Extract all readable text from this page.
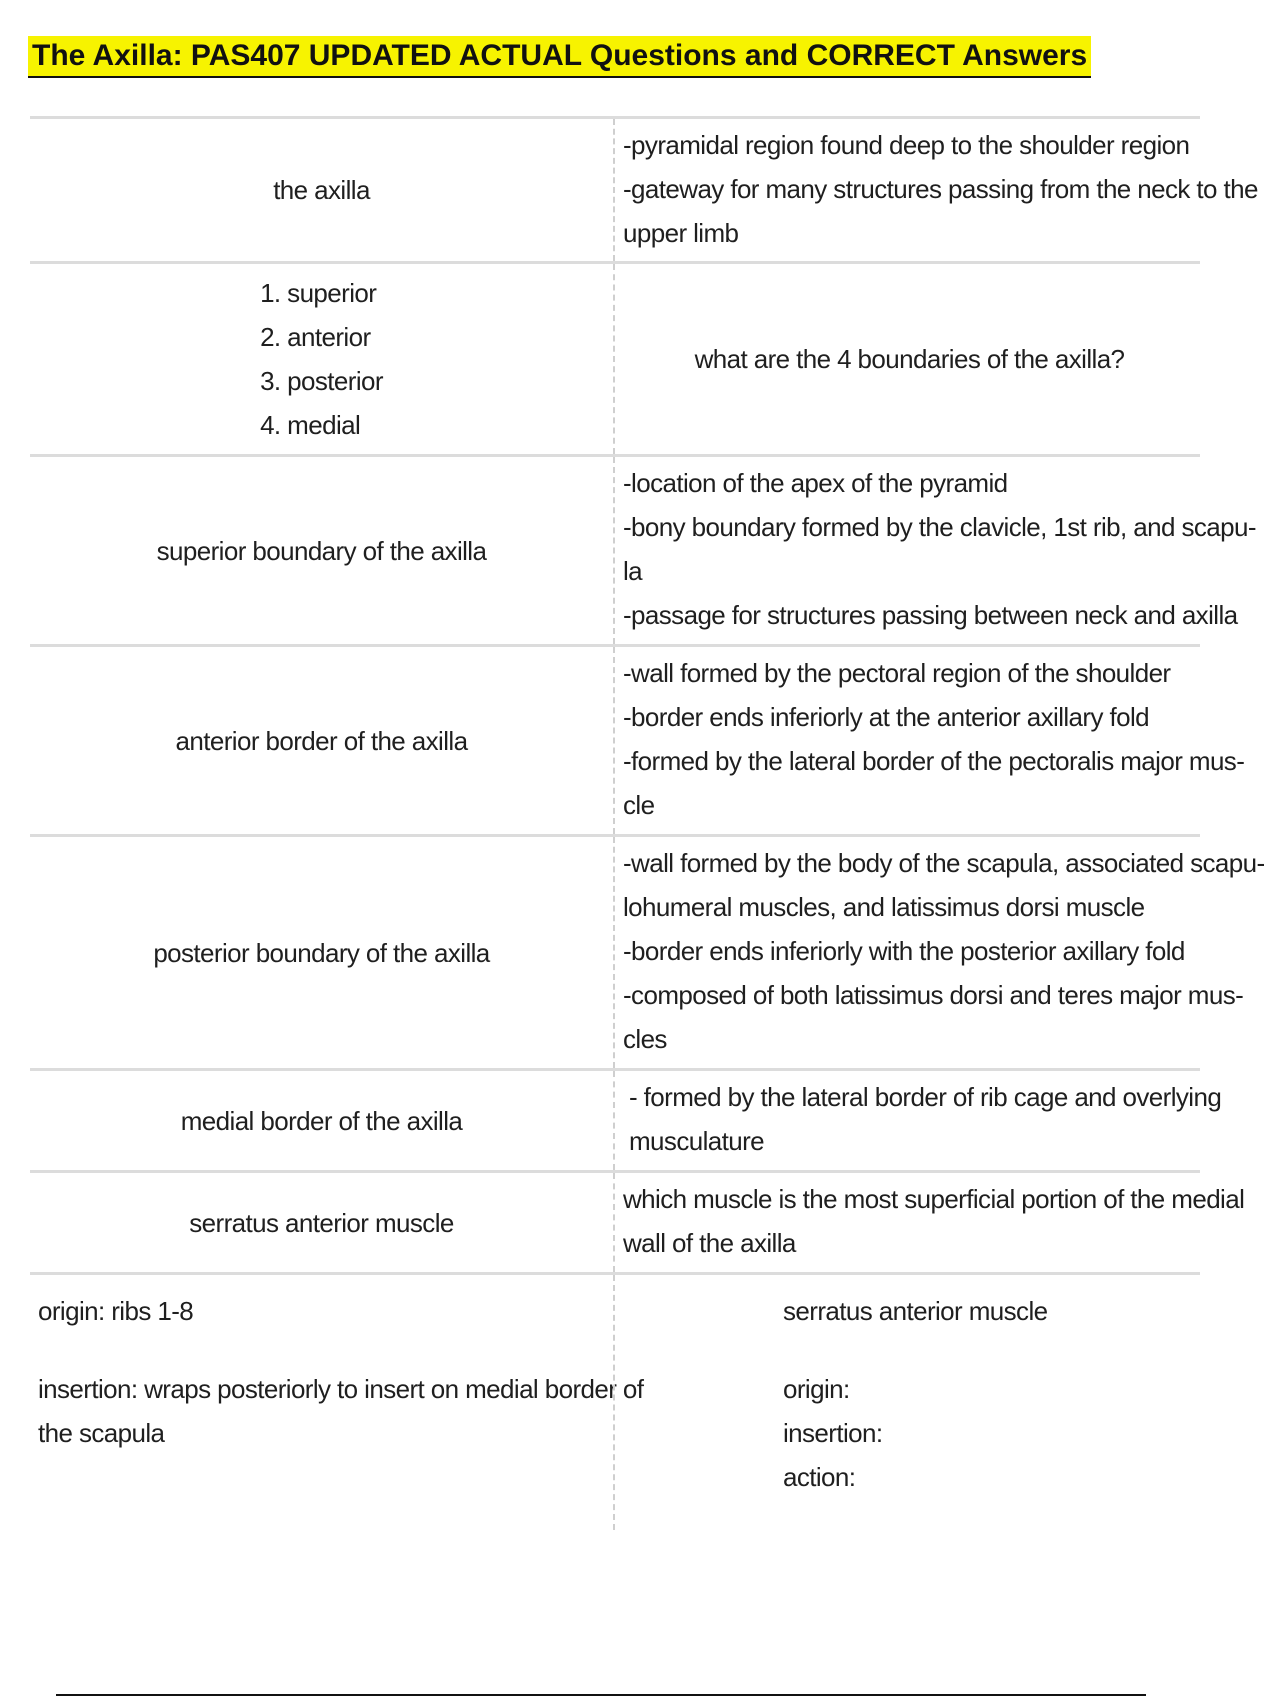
The Axilla: PAS407 UPDATED ACTUAL Questions and CORRECT Answers
the axilla
-pyramidal region found deep to the shoulder region
-gateway for many structures passing from the neck to the
upper limb
1. superior
2. anterior
3. posterior
4. medial
what are the 4 boundaries of the axilla?
superior boundary of the axilla
-location of the apex of the pyramid
-bony boundary formed by the clavicle, 1st rib, and scapu-
la
-passage for structures passing between neck and axilla
anterior border of the axilla
-wall formed by the pectoral region of the shoulder
-border ends inferiorly at the anterior axillary fold
-formed by the lateral border of the pectoralis major mus-
cle
posterior boundary of the axilla
-wall formed by the body of the scapula, associated scapu-
lohumeral muscles, and latissimus dorsi muscle
-border ends inferiorly with the posterior axillary fold
-composed of both latissimus dorsi and teres major mus-
cles
medial border of the axilla
- formed by the lateral border of rib cage and overlying
musculature
serratus anterior muscle
which muscle is the most superficial portion of the medial
wall of the axilla
origin: ribs 1-8
insertion: wraps posteriorly to insert on medial border of
the scapula
serratus anterior muscle
origin:
insertion:
action:
